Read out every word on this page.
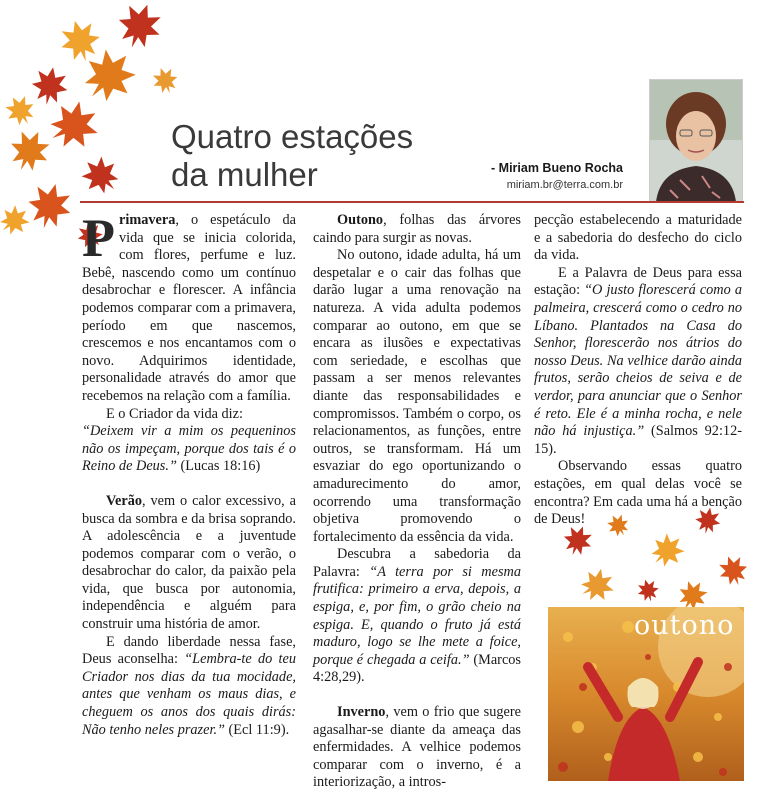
Quatro estações
da mulher	- Miriam Bueno Rocha
miriam.br@terra.com.br

Primavera, o espetáculo da vida que se inicia colorida, com flores, perfume e luz. Bebê, nascendo como um contínuo desabrochar e florescer. A infância podemos comparar com a primavera, período em que nascemos, crescemos e nos encantamos com o novo. Adquirimos identidade, personalidade através do amor que recebemos na relação com a família.

E o Criador da vida diz:
“Deixem vir a mim os pequeninos não os impeçam, porque dos tais é o Reino de Deus.” (Lucas 18:16)

Verão, vem o calor excessivo, a busca da sombra e da brisa soprando. A adolescência e a juventude podemos comparar com o verão, o desabrochar do calor, da paixão pela vida, que busca por autonomia, independência e alguém para construir uma história de amor.

E dando liberdade nessa fase, Deus aconselha: “Lembra-te do teu Criador nos dias da tua mocidade, antes que venham os maus dias, e cheguem os anos dos quais dirás: Não tenho neles prazer.” (Ecl 11:9).

Outono, folhas das árvores caindo para surgir as novas.

No outono, idade adulta, há um despetalar e o cair das folhas que darão lugar a uma renovação na natureza. A vida adulta podemos comparar ao outono, em que se encara as ilusões e expectativas com seriedade, e escolhas que passam a ser menos relevantes diante das responsabilidades e compromissos. Também o corpo, os relacionamentos, as funções, entre outros, se transformam. Há um esvaziar do ego oportunizando o amadurecimento do amor, ocorrendo uma transformação objetiva promovendo o fortalecimento da essência da vida.

Descubra a sabedoria da Palavra: “A terra por si mesma frutifica: primeiro a erva, depois, a espiga, e, por fim, o grão cheio na espiga. E, quando o fruto já está maduro, logo se lhe mete a foice, porque é chegada a ceifa.” (Marcos 4:28,29).

Inverno, vem o frio que sugere agasalhar-se diante da ameaça das enfermidades. A velhice podemos comparar com o inverno, é a interiorização, a intros-

pecção estabelecendo a maturidade e a sabedoria do desfecho do ciclo da vida.

E a Palavra de Deus para essa estação: “O justo florescerá como a palmeira, crescerá como o cedro no Líbano. Plantados na Casa do Senhor, florescerão nos átrios do nosso Deus. Na velhice darão ainda frutos, serão cheios de seiva e de verdor, para anunciar que o Senhor é reto. Ele é a minha rocha, e nele não há injustiça.” (Salmos 92:12-15).

Observando essas quatro estações, em qual delas você se encontra? Em cada uma há a benção de Deus!

outono
